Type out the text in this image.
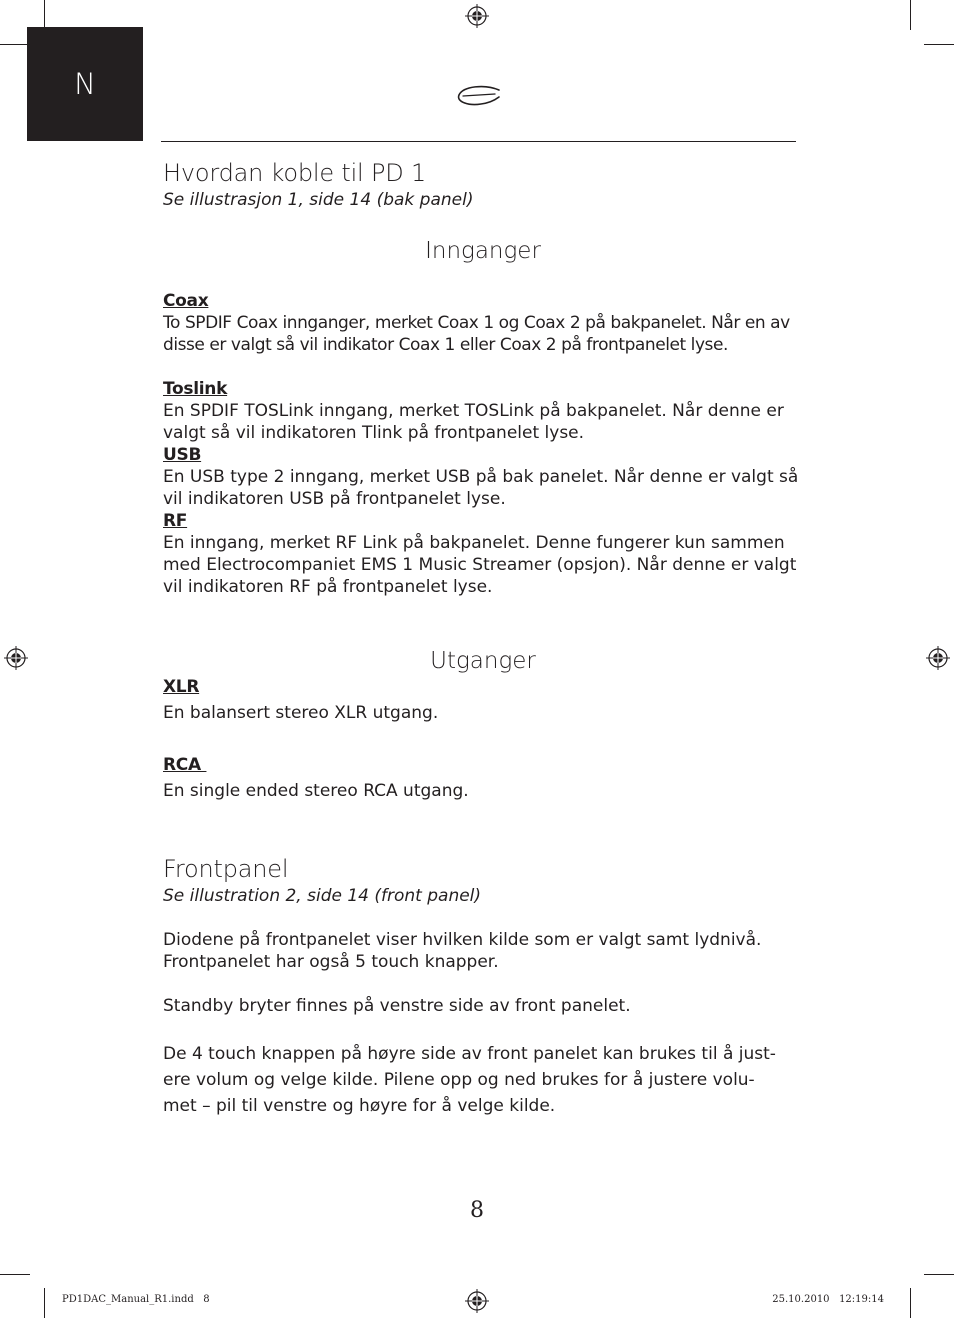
N
Hvordan koble til PD 1

Se illustrasjon 1, side 14 (bak panel)

Innganger

Coax

To SPDIF Coax innganger, merket Coax 1 og Coax 2 på bakpanelet. Når en av disse er valgt så vil indikator Coax 1 eller Coax 2 på frontpanelet lyse.

Toslink

En SPDIF TOSLink inngang, merket TOSLink på bakpanelet. Når denne er valgt så vil indikatoren Tlink på frontpanelet lyse.

USB

En USB type 2 inngang, merket USB på bak panelet. Når denne er valgt så vil indikatoren USB på frontpanelet lyse.

RF

En inngang, merket RF Link på bakpanelet. Denne fungerer kun sammen med Electrocompaniet EMS 1 Music Streamer (opsjon). Når denne er valgt vil indikatoren RF på frontpanelet lyse.

Utganger

XLR

En balansert stereo XLR utgang.

RCA

En single ended stereo RCA utgang.

Frontpanel

Se illustration 2, side 14 (front panel)

Diodene på frontpanelet viser hvilken kilde som er valgt samt lydnivå. Frontpanelet har også 5 touch knapper.

Standby bryter finnes på venstre side av front panelet.

De 4 touch knappen på høyre side av front panelet kan brukes til å just-ere volum og velge kilde. Pilene opp og ned brukes for å justere volu-met – pil til venstre og høyre for å velge kilde.

8
PD1DAC_Manual_R1.indd   8	25.10.2010   12:19:14
